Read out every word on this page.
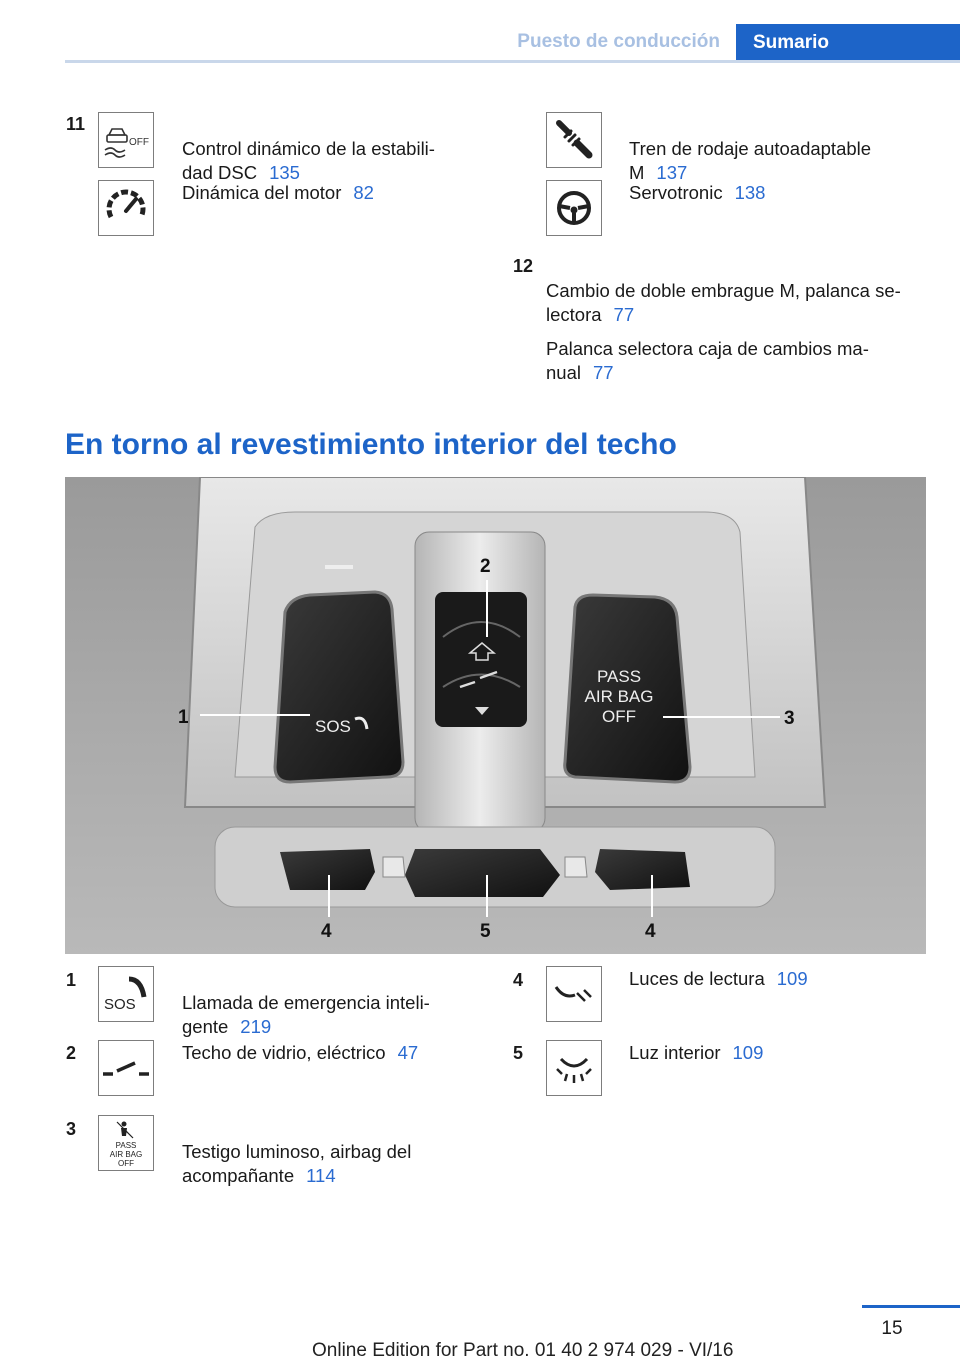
Puesto de conducción	Sumario
11
OFF Control dinámico de la estabili-
dad DSC 135

Dinámica del motor 82

Tren de rodaje autoadaptable
M 137

Servotronic 138
12

Cambio de doble embrague M, palanca se-
lectora 77

Palanca selectora caja de cambios ma-
nual 77

En torno al revestimiento interior del techo
SOS
PASS
AIR BAG
OFF
1
2
3
4	5	4
1
SOS	Llamada de emergencia inteli-
gente 219

2	Techo de vidrio, eléctrico 47
3
PASS
AIR BAG
OFF

Testigo luminoso, airbag del
acompañante 114

4	Luces de lectura 109
5	Luz interior 109
15
Online Edition for Part no. 01 40 2 974 029 - VI/16
